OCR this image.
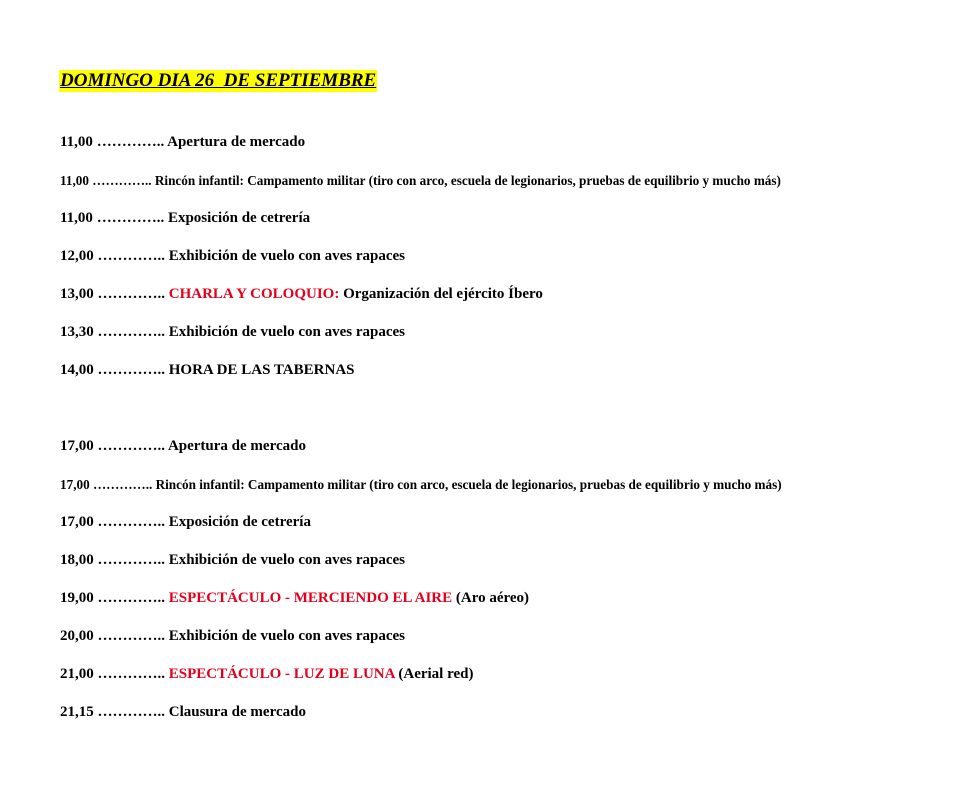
DOMINGO DIA 26  DE SEPTIEMBRE
11,00 ………….. Apertura de mercado
11,00 ………….. Rincón infantil: Campamento militar (tiro con arco, escuela de legionarios, pruebas de equilibrio y mucho más)
11,00 ………….. Exposición de cetrería
12,00 ………….. Exhibición de vuelo con aves rapaces
13,00 ………….. CHARLA Y COLOQUIO: Organización del ejército Íbero
13,30 ………….. Exhibición de vuelo con aves rapaces
14,00 ………….. HORA DE LAS TABERNAS
17,00 ………….. Apertura de mercado
17,00 ………….. Rincón infantil: Campamento militar (tiro con arco, escuela de legionarios, pruebas de equilibrio y mucho más)
17,00 ………….. Exposición de cetrería
18,00 ………….. Exhibición de vuelo con aves rapaces
19,00 ………….. ESPECTÁCULO - MERCIENDO EL AIRE (Aro aéreo)
20,00 ………….. Exhibición de vuelo con aves rapaces
21,00 ………….. ESPECTÁCULO - LUZ DE LUNA (Aerial red)
21,15 ………….. Clausura de mercado
